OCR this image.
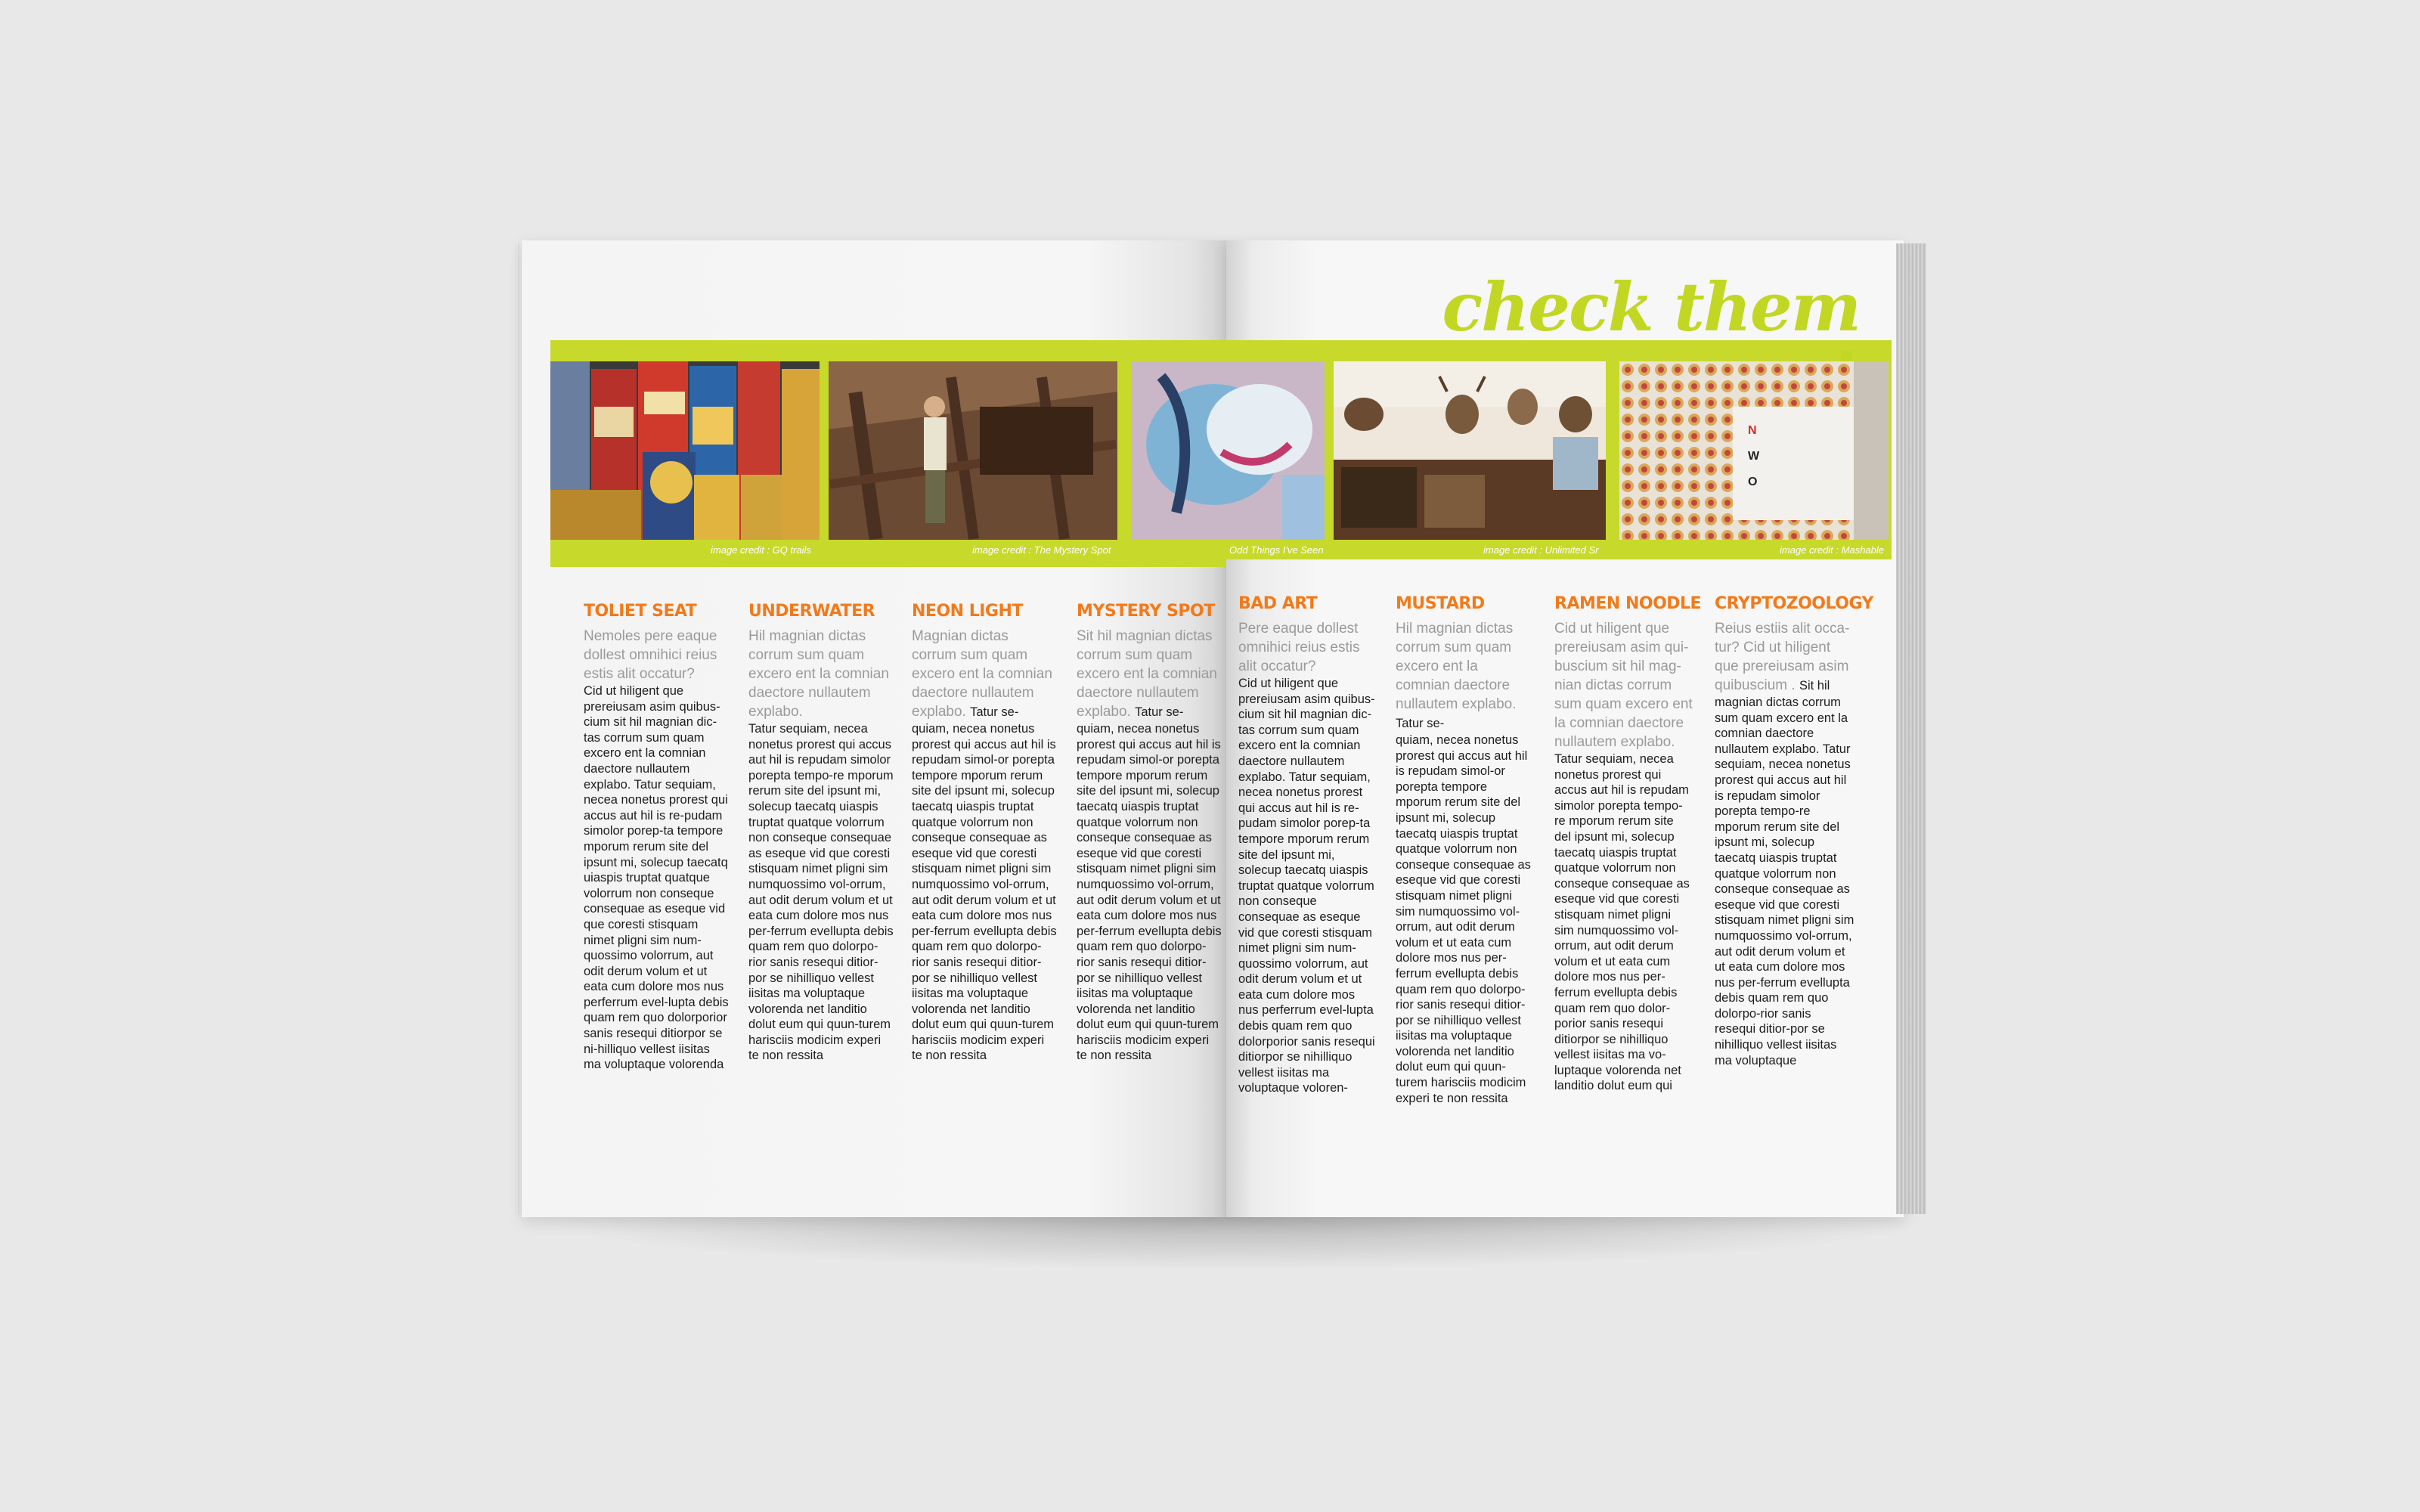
check them
image credit : GQ trails	image credit : The Mystery Spot	Odd Things I've Seen	image credit : Unlimited Sr
N
W
O
image credit : Mashable
TOLIET SEAT
Nemoles pere eaque dollest omnihici reius estis alit occatur?
Cid ut hiligent que prereiusam asim quibus-cium sit hil magnian dic-tas corrum sum quam excero ent la comnian daectore nullautem explabo. Tatur sequiam, necea nonetus prorest qui accus aut hil is re-pudam simolor porep-ta tempore mporum rerum site del ipsunt mi, solecup taecatq uiaspis truptat quatque volorrum non conseque consequae as eseque vid que coresti stisquam nimet pligni sim num-quossimo volorrum, aut odit derum volum et ut eata cum dolore mos nus perferrum evel-lupta debis quam rem quo dolorporior sanis resequi ditiorpor se ni-hilliquo vellest iisitas ma voluptaque volorenda
UNDERWATER
Hil magnian dictas corrum sum quam excero ent la comnian daectore nullautem explabo.
Tatur sequiam, necea nonetus prorest qui accus aut hil is repudam simolor porepta tempo-re mporum rerum site del ipsunt mi, solecup taecatq uiaspis truptat quatque volorrum non conseque consequae as eseque vid que coresti stisquam nimet pligni sim numquossimo vol-orrum, aut odit derum volum et ut eata cum dolore mos nus per-ferrum evellupta debis quam rem quo dolorpo-rior sanis resequi ditior-por se nihilliquo vellest iisitas ma voluptaque volorenda net landitio dolut eum qui quun-turem harisciis modicim experi te non ressita
NEON LIGHT
Magnian dictas corrum sum quam excero ent la comnian daectore nullautem explabo. Tatur se-
quiam, necea nonetus prorest qui accus aut hil is repudam simol-or porepta tempore mporum rerum site del ipsunt mi, solecup taecatq uiaspis truptat quatque volorrum non conseque consequae as eseque vid que coresti stisquam nimet pligni sim numquossimo vol-orrum, aut odit derum volum et ut eata cum dolore mos nus per-ferrum evellupta debis quam rem quo dolorpo-rior sanis resequi ditior-por se nihilliquo vellest iisitas ma voluptaque volorenda net landitio dolut eum qui quun-turem harisciis modicim experi te non ressita
MYSTERY SPOT
Sit hil magnian dictas corrum sum quam excero ent la comnian daectore nullautem explabo. Tatur se-
quiam, necea nonetus prorest qui accus aut hil is repudam simol-or porepta tempore mporum rerum site del ipsunt mi, solecup taecatq uiaspis truptat quatque volorrum non conseque consequae as eseque vid que coresti stisquam nimet pligni sim numquossimo vol-orrum, aut odit derum volum et ut eata cum dolore mos nus per-ferrum evellupta debis quam rem quo dolorpo-rior sanis resequi ditior-por se nihilliquo vellest iisitas ma voluptaque volorenda net landitio dolut eum qui quun-turem harisciis modicim experi te non ressita
BAD ART
Pere eaque dollest omnihici reius estis alit occatur?
Cid ut hiligent que prereiusam asim quibus-cium sit hil magnian dic-tas corrum sum quam excero ent la comnian daectore nullautem explabo. Tatur sequiam, necea nonetus prorest qui accus aut hil is re-pudam simolor porep-ta tempore mporum rerum site del ipsunt mi, solecup taecatq uiaspis truptat quatque volorrum non conseque consequae as eseque vid que coresti stisquam nimet pligni sim num-quossimo volorrum, aut odit derum volum et ut eata cum dolore mos nus perferrum evel-lupta debis quam rem quo dolorporior sanis resequi ditiorpor se nihilliquo vellest iisitas ma voluptaque voloren-
MUSTARD
Hil magnian dictas corrum sum quam excero ent la comnian daectore nullautem explabo. Tatur se-
quiam, necea nonetus prorest qui accus aut hil is repudam simol-or porepta tempore mporum rerum site del ipsunt mi, solecup taecatq uiaspis truptat quatque volorrum non conseque consequae as eseque vid que coresti stisquam nimet pligni sim numquossimo vol-orrum, aut odit derum volum et ut eata cum dolore mos nus per-ferrum evellupta debis quam rem quo dolorpo-rior sanis resequi ditior-por se nihilliquo vellest iisitas ma voluptaque volorenda net landitio dolut eum qui quun-turem harisciis modicim experi te non ressita
RAMEN NOODLE
Cid ut hiligent que prereiusam asim qui-buscium sit hil mag-nian dictas corrum sum quam excero ent la comnian daectore nullautem explabo.
Tatur sequiam, necea nonetus prorest qui accus aut hil is repudam simolor porepta tempo-re mporum rerum site del ipsunt mi, solecup taecatq uiaspis truptat quatque volorrum non conseque consequae as eseque vid que coresti stisquam nimet pligni sim numquossimo vol-orrum, aut odit derum volum et ut eata cum dolore mos nus per-ferrum evellupta debis quam rem quo dolor-porior sanis resequi ditiorpor se nihilliquo vellest iisitas ma vo-luptaque volorenda net landitio dolut eum qui
CRYPTOZOOLOGY
Reius estiis alit occa-tur? Cid ut hiligent que prereiusam asim quibuscium . Sit hil
magnian dictas corrum sum quam excero ent la comnian daectore nullautem explabo. Tatur sequiam, necea nonetus prorest qui accus aut hil is repudam simolor porepta tempo-re mporum rerum site del ipsunt mi, solecup taecatq uiaspis truptat quatque volorrum non conseque consequae as eseque vid que coresti stisquam nimet pligni sim numquossimo vol-orrum, aut odit derum volum et ut eata cum dolore mos nus per-ferrum evellupta debis quam rem quo dolorpo-rior sanis resequi ditior-por se nihilliquo vellest iisitas ma voluptaque
